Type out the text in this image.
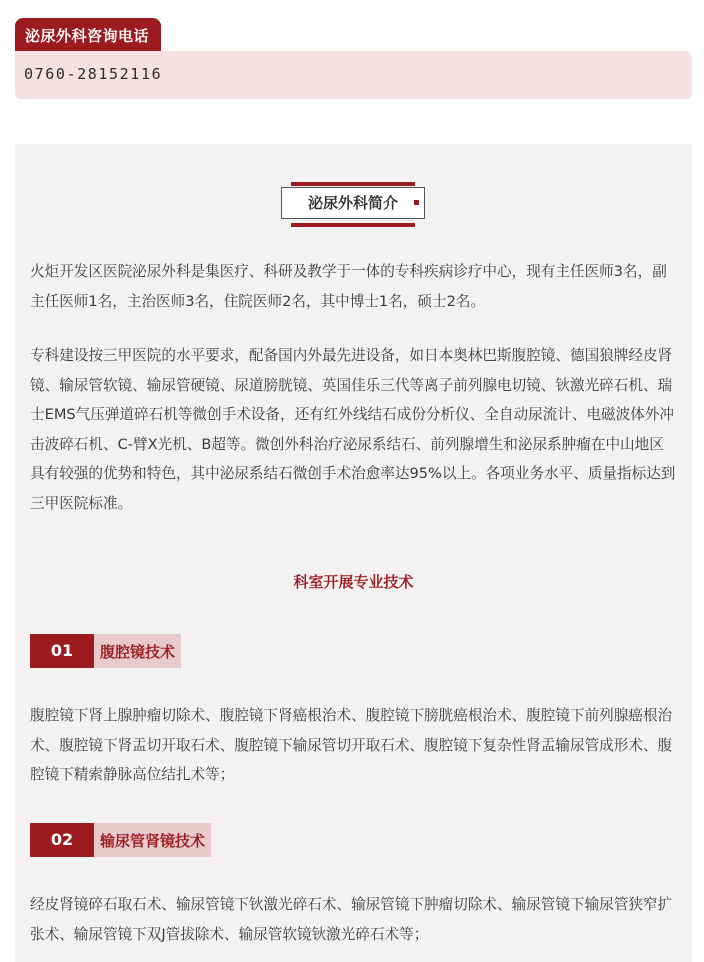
泌尿外科咨询电话
0760-28152116
泌尿外科简介

火炬开发区医院泌尿外科是集医疗、科研及教学于一体的专科疾病诊疗中心，现有主任医师3名，副主任医师1名，主治医师3名，住院医师2名，其中博士1名，硕士2名。

专科建设按三甲医院的水平要求，配备国内外最先进设备，如日本奥林巴斯腹腔镜、德国狼牌经皮肾镜、输尿管软镜、输尿管硬镜、尿道膀胱镜、英国佳乐三代等离子前列腺电切镜、钬激光碎石机、瑞士EMS气压弹道碎石机等微创手术设备，还有红外线结石成份分析仪、全自动尿流计、电磁波体外冲击波碎石机、C-臂X光机、B超等。微创外科治疗泌尿系结石、前列腺增生和泌尿系肿瘤在中山地区具有较强的优势和特色，其中泌尿系结石微创手术治愈率达95%以上。各项业务水平、质量指标达到三甲医院标准。

科室开展专业技术
01	腹腔镜技术

腹腔镜下肾上腺肿瘤切除术、腹腔镜下肾癌根治术、腹腔镜下膀胱癌根治术、腹腔镜下前列腺癌根治术、腹腔镜下肾盂切开取石术、腹腔镜下输尿管切开取石术、腹腔镜下复杂性肾盂输尿管成形术、腹腔镜下精索静脉高位结扎术等；

02	输尿管肾镜技术

经皮肾镜碎石取石术、输尿管镜下钬激光碎石术、输尿管镜下肿瘤切除术、输尿管镜下输尿管狭窄扩张术、输尿管镜下双J管拔除术、输尿管软镜钬激光碎石术等；
